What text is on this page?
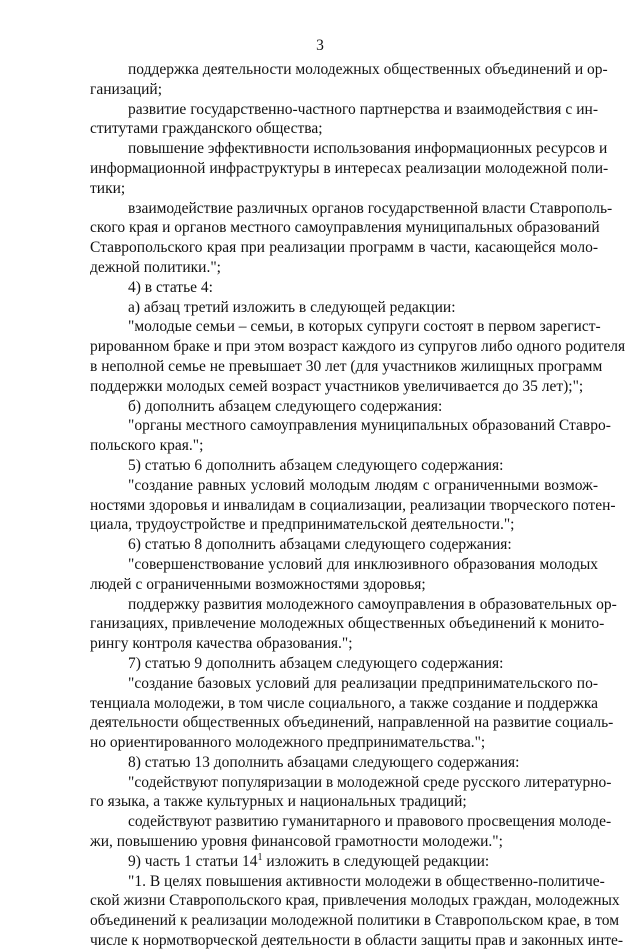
3
поддержка деятельности молодежных общественных объединений и ор-
ганизаций;
развитие государственно-частного партнерства и взаимодействия с ин-
ститутами гражданского общества;
повышение эффективности использования информационных ресурсов и
информационной инфраструктуры в интересах реализации молодежной поли-
тики;
взаимодействие различных органов государственной власти Ставрополь-
ского края и органов местного самоуправления муниципальных образований
Ставропольского края при реализации программ в части, касающейся моло-
дежной политики.";
4) в статье 4:
а) абзац третий изложить в следующей редакции:
"молодые семьи – семьи, в которых супруги состоят в первом зарегист-
рированном браке и при этом возраст каждого из супругов либо одного родителя
в неполной семье не превышает 30 лет (для участников жилищных программ
поддержки молодых семей возраст участников увеличивается до 35 лет);";
б) дополнить абзацем следующего содержания:
"органы местного самоуправления муниципальных образований Ставро-
польского края.";
5) статью 6 дополнить абзацем следующего содержания:
"создание равных условий молодым людям с ограниченными возмож-
ностями здоровья и инвалидам в социализации, реализации творческого потен-
циала, трудоустройстве и предпринимательской деятельности.";
6) статью 8 дополнить абзацами следующего содержания:
"совершенствование условий для инклюзивного образования молодых
людей с ограниченными возможностями здоровья;
поддержку развития молодежного самоуправления в образовательных ор-
ганизациях, привлечение молодежных общественных объединений к монито-
рингу контроля качества образования.";
7) статью 9 дополнить абзацем следующего содержания:
"создание базовых условий для реализации предпринимательского по-
тенциала молодежи, в том числе социального, а также создание и поддержка
деятельности общественных объединений, направленной на развитие социаль-
но ориентированного молодежного предпринимательства.";
8) статью 13 дополнить абзацами следующего содержания:
"содействуют популяризации в молодежной среде русского литературно-
го языка, а также культурных и национальных традиций;
содействуют развитию гуманитарного и правового просвещения молоде-
жи, повышению уровня финансовой грамотности молодежи.";
9) часть 1 статьи $14^1$ изложить в следующей редакции:
"1. В целях повышения активности молодежи в общественно-политиче-
ской жизни Ставропольского края, привлечения молодых граждан, молодежных
объединений к реализации молодежной политики в Ставропольском крае, в том
числе к нормотворческой деятельности в области защиты прав и законных инте-
